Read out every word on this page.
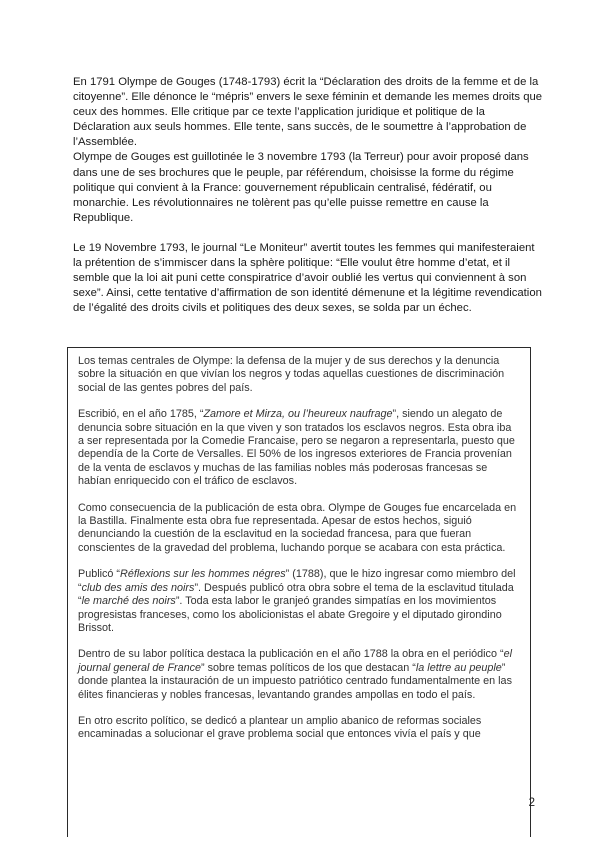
En 1791 Olympe de Gouges (1748-1793) écrit la “Déclaration des droits de la femme et de la citoyenne”. Elle dénonce le “mépris” envers le sexe féminin et demande les memes droits que ceux des hommes. Elle critique par ce texte l’application juridique et politique de la Déclaration aux seuls hommes. Elle tente, sans succès, de le soumettre à l’approbation de l’Assemblée.

Olympe de Gouges est guillotinée le 3 novembre 1793 (la Terreur) pour avoir proposé dans dans une de ses brochures que le peuple, par référendum, choisisse la forme du régime politique qui convient à la France: gouvernement républicain centralisé, fédératif, ou monarchie. Les révolutionnaires ne tolèrent pas qu’elle puisse remettre en cause la Republique.

Le 19 Novembre 1793, le journal “Le Moniteur” avertit toutes les femmes qui manifesteraient la prétention de s’immiscer dans la sphère politique: “Elle voulut être homme d’etat, et il semble que la loi ait puni cette conspiratrice d’avoir oublié les vertus qui conviennent à son sexe”. Ainsi, cette tentative d’affirmation de son identité démenune et la légitime revendication de l’égalité des droits civils et politiques des deux sexes, se solda par un échec.

Los temas centrales de Olympe: la defensa de la mujer y de sus derechos y la denuncia sobre la situación en que vivían los negros y todas aquellas cuestiones de discriminación social de las gentes pobres del país.

Escribió, en el año 1785, “Zamore et Mirza, ou l’heureux naufrage”, siendo un alegato de denuncia sobre situación en la que viven y son tratados los esclavos negros. Esta obra iba a ser representada por la Comedie Francaise, pero se negaron a representarla, puesto que dependía de la Corte de Versalles. El 50% de los ingresos exteriores de Francia provenían de la venta de esclavos y muchas de las familias nobles más poderosas francesas se habían enriquecido con el tráfico de esclavos.

Como consecuencia de la publicación de esta obra. Olympe de Gouges fue encarcelada en la Bastilla. Finalmente esta obra fue representada. Apesar de estos hechos, siguió denunciando la cuestión de la esclavitud en la sociedad francesa, para que fueran conscientes de la gravedad del problema, luchando porque se acabara con esta práctica.

Publicó “Réflexions sur les hommes négres” (1788), que le hizo ingresar como miembro del “club des amis des noirs”. Después publicó otra obra sobre el tema de la esclavitud titulada “le marché des noirs”. Toda esta labor le granjeó grandes simpatías en los movimientos progresistas franceses, como los abolicionistas el abate Gregoire y el diputado girondino Brissot.

Dentro de su labor política destaca la publicación en el año 1788 la obra en el periódico “el journal general de France” sobre temas políticos de los que destacan “la lettre au peuple” donde plantea la instauración de un impuesto patriótico centrado fundamentalmente en las élites financieras y nobles francesas, levantando grandes ampollas en todo el país.

En otro escrito político, se dedicó a plantear un amplio abanico de reformas sociales encaminadas a solucionar el grave problema social que entonces vivía el país y que

2
